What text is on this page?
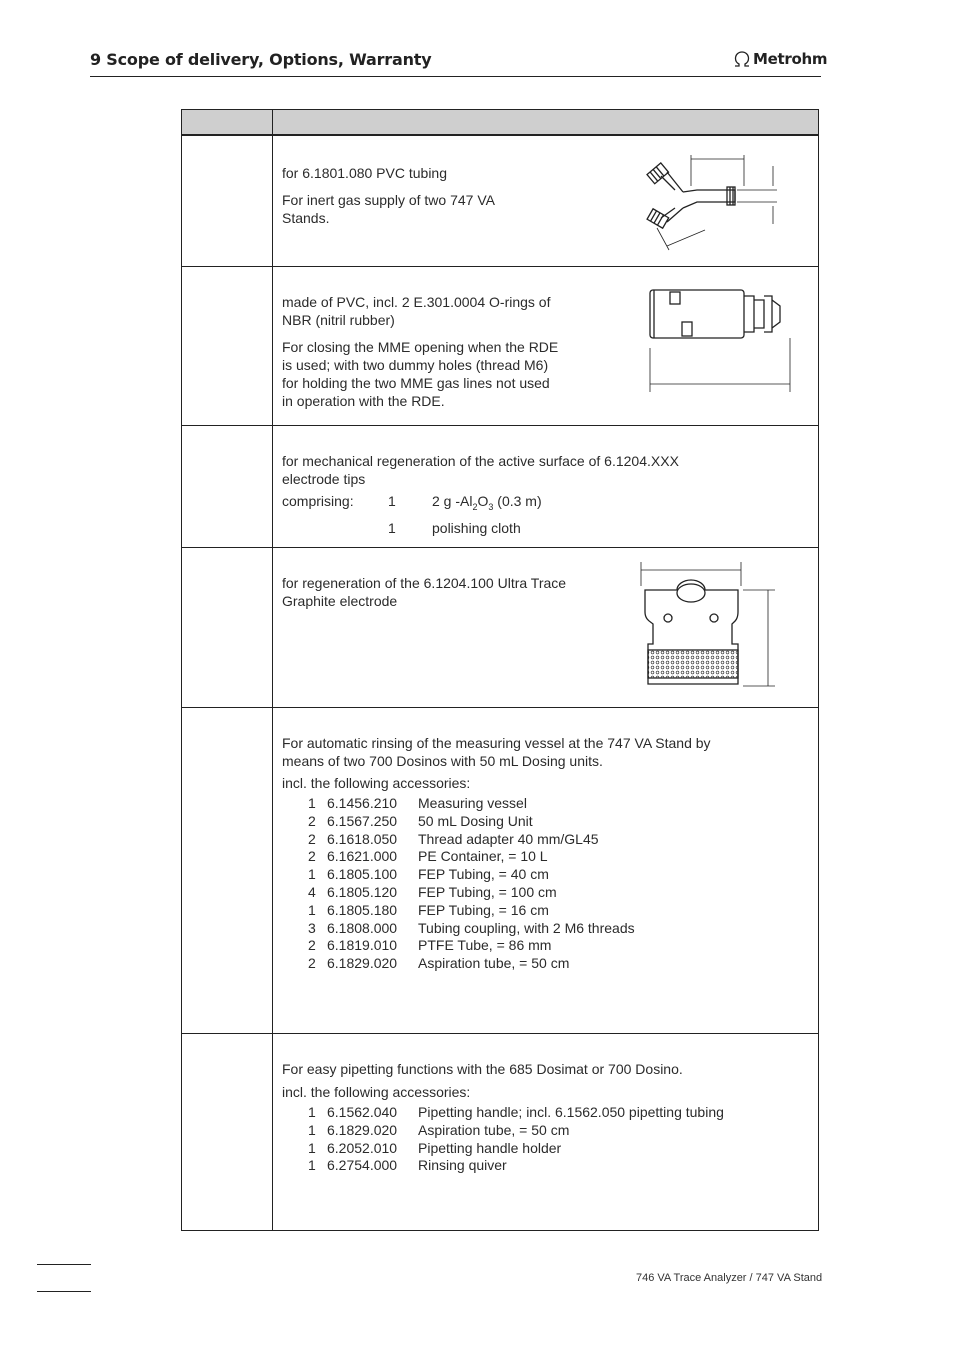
9 Scope of delivery, Options, Warranty	Metrohm
for 6.1801.080 PVC tubing
For inert gas supply of two 747 VA
Stands.
made of PVC, incl. 2 E.301.0004 O-rings of
NBR (nitril rubber)
For closing the MME opening when the RDE
is used; with two dummy holes (thread M6)
for holding the two MME gas lines not used
in operation with the RDE.
for mechanical regeneration of the active surface of 6.1204.XXX
electrode tips
comprising:	1	2 g $-Al_2O_3$ (0.3 m)
1	polishing cloth
for regeneration of the 6.1204.100 Ultra Trace
Graphite electrode
For automatic rinsing of the measuring vessel at the 747 VA Stand by
means of two 700 Dosinos with 50 mL Dosing units.
incl. the following accessories:
1 6.1456.210	Measuring vessel
2 6.1567.250	50 mL Dosing Unit
2 6.1618.050	Thread adapter 40 mm/GL45
2 6.1621.000	PE Container, = 10 L
1 6.1805.100	FEP Tubing, = 40 cm
4 6.1805.120	FEP Tubing, = 100 cm
1 6.1805.180	FEP Tubing, = 16 cm
3 6.1808.000	Tubing coupling, with 2 M6 threads
2 6.1819.010	PTFE Tube, = 86 mm
2 6.1829.020	Aspiration tube, = 50 cm
For easy pipetting functions with the 685 Dosimat or 700 Dosino.
incl. the following accessories:
1 6.1562.040	Pipetting handle; incl. 6.1562.050 pipetting tubing
1 6.1829.020	Aspiration tube, = 50 cm
1 6.2052.010	Pipetting handle holder
1 6.2754.000	Rinsing quiver
746 VA Trace Analyzer / 747 VA Stand
